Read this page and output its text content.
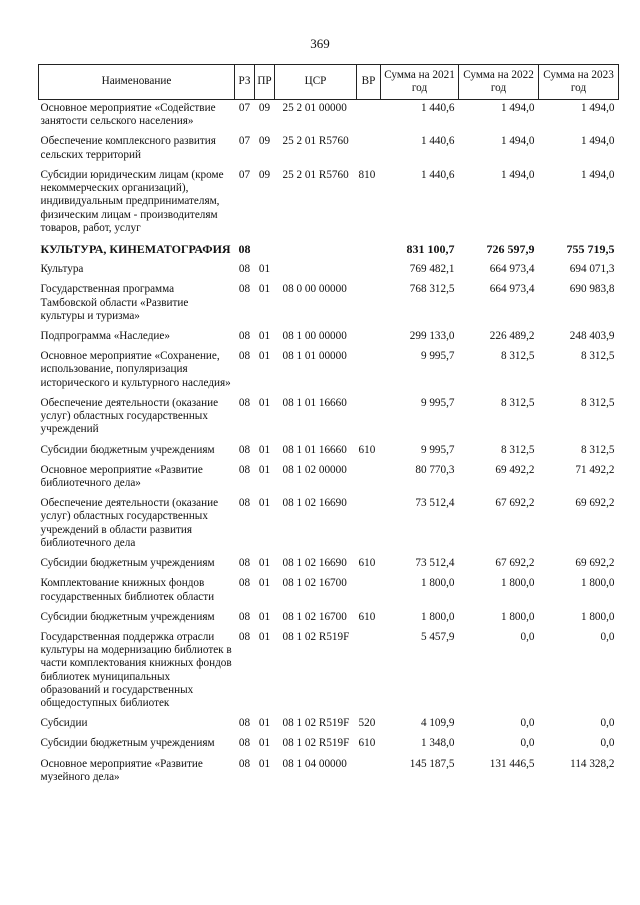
369
Наименование	РЗ	ПР	ЦСР	ВР	Сумма на 2021 год	Сумма на 2022 год	Сумма на 2023 год
Основное мероприятие «Содействие занятости сельского населения»	07	09	25 2 01 00000		1 440,6	1 494,0	1 494,0
Обеспечение комплексного развития сельских территорий	07	09	25 2 01 R5760		1 440,6	1 494,0	1 494,0
Субсидии юридическим лицам (кроме некоммерческих организаций), индивидуальным предпринимателям, физическим лицам - производителям товаров, работ, услуг	07	09	25 2 01 R5760	810	1 440,6	1 494,0	1 494,0
КУЛЬТУРА, КИНЕМАТОГРАФИЯ	08				831 100,7	726 597,9	755 719,5
Культура	08	01			769 482,1	664 973,4	694 071,3
Государственная программа Тамбовской области «Развитие культуры и туризма»	08	01	08 0 00 00000		768 312,5	664 973,4	690 983,8
Подпрограмма «Наследие»	08	01	08 1 00 00000		299 133,0	226 489,2	248 403,9
Основное мероприятие «Сохранение, использование, популяризация исторического и культурного наследия»	08	01	08 1 01 00000		9 995,7	8 312,5	8 312,5
Обеспечение деятельности (оказание услуг) областных государственных учреждений	08	01	08 1 01 16660		9 995,7	8 312,5	8 312,5
Субсидии бюджетным учреждениям	08	01	08 1 01 16660	610	9 995,7	8 312,5	8 312,5
Основное мероприятие «Развитие библиотечного дела»	08	01	08 1 02 00000		80 770,3	69 492,2	71 492,2
Обеспечение деятельности (оказание услуг) областных государственных учреждений в области развития библиотечного дела	08	01	08 1 02 16690		73 512,4	67 692,2	69 692,2
Субсидии бюджетным учреждениям	08	01	08 1 02 16690	610	73 512,4	67 692,2	69 692,2
Комплектование книжных фондов государственных библиотек области	08	01	08 1 02 16700		1 800,0	1 800,0	1 800,0
Субсидии бюджетным учреждениям	08	01	08 1 02 16700	610	1 800,0	1 800,0	1 800,0
Государственная поддержка отрасли культуры на модернизацию библиотек в части комплектования книжных фондов библиотек муниципальных образований и государственных общедоступных библиотек	08	01	08 1 02 R519F		5 457,9	0,0	0,0
Субсидии	08	01	08 1 02 R519F	520	4 109,9	0,0	0,0
Субсидии бюджетным учреждениям	08	01	08 1 02 R519F	610	1 348,0	0,0	0,0
Основное мероприятие «Развитие музейного дела»	08	01	08 1 04 00000		145 187,5	131 446,5	114 328,2
